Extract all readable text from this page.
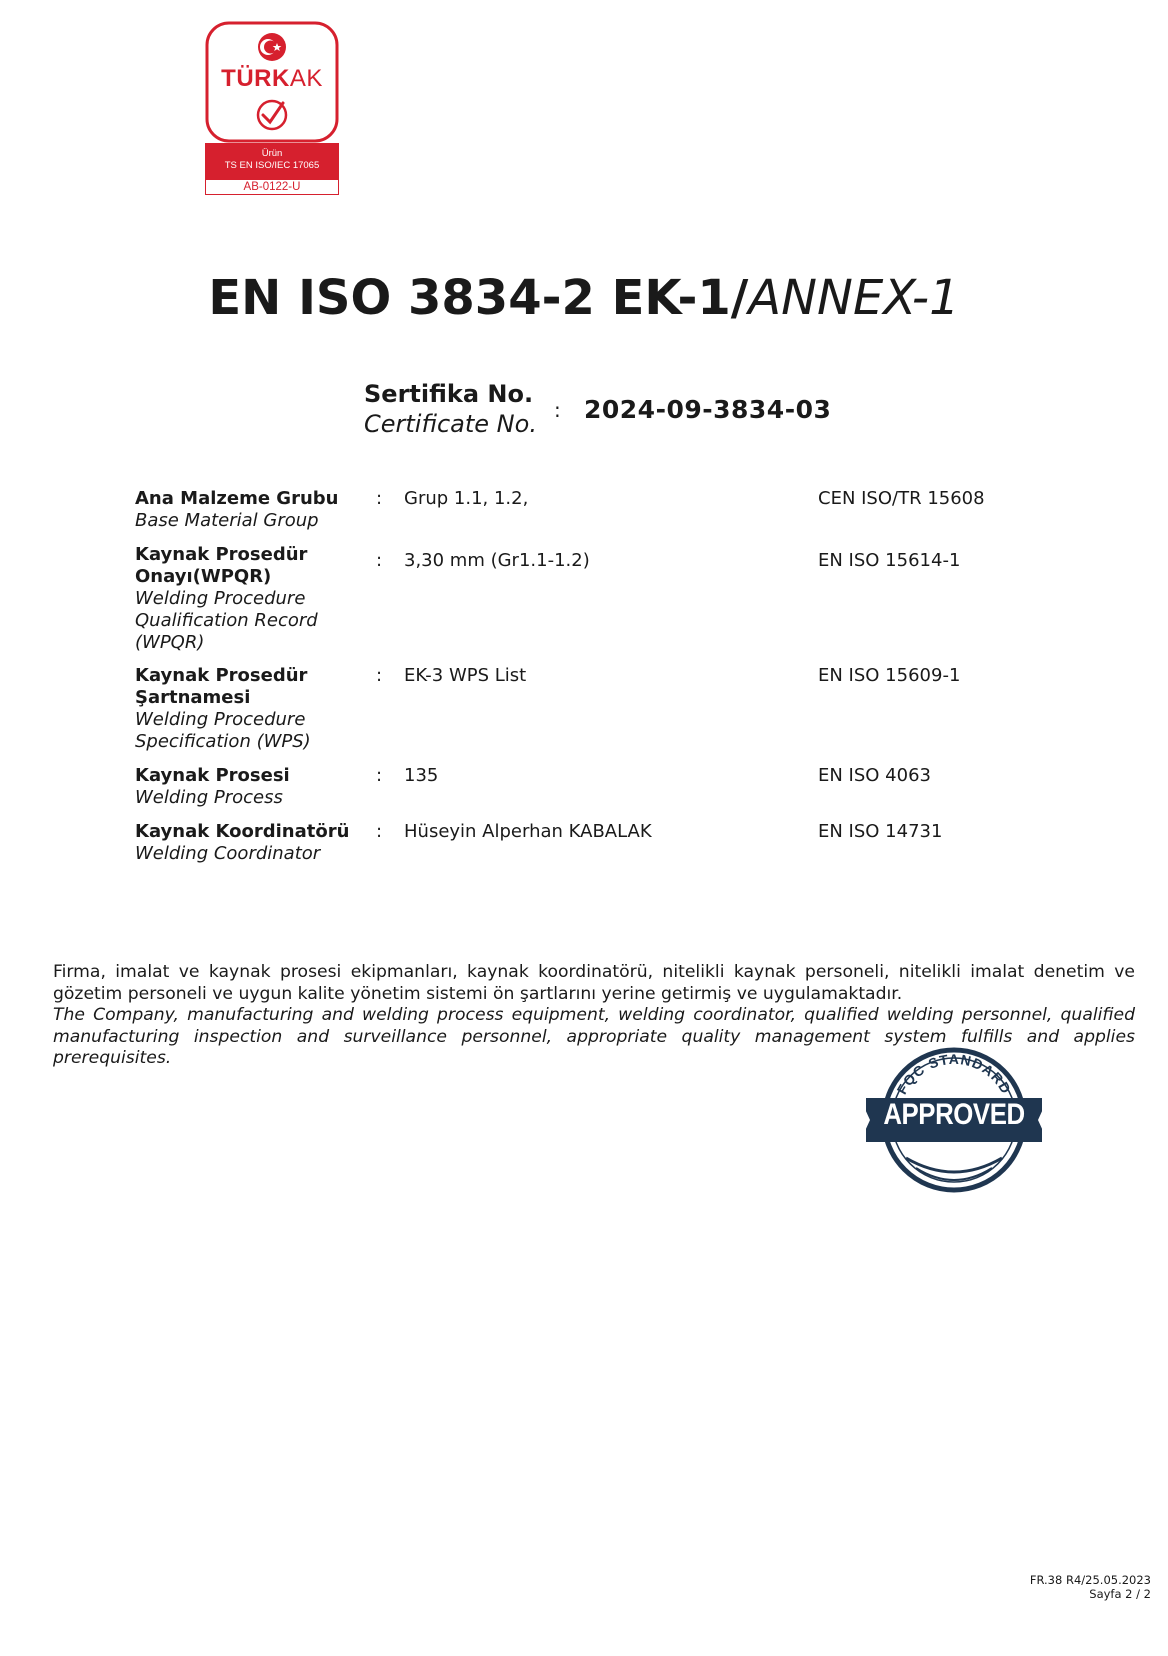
TÜRKAK
Ürün
TS EN ISO/IEC 17065
AB-0122-U
EN ISO 3834-2 EK-1/ANNEX-1
Sertifika No.
Certificate No. : 2024-09-3834-03
Ana Malzeme Grubu
Base Material Group
: Grup 1.1, 1.2,	CEN ISO/TR 15608
Kaynak Prosedür
Onayı(WPQR)
Welding Procedure
Qualification Record
(WPQR)
: 3,30 mm (Gr1.1-1.2)	EN ISO 15614-1
Kaynak Prosedür
Şartnamesi
Welding Procedure
Specification (WPS)
: EK-3 WPS List	EN ISO 15609-1
Kaynak Prosesi
Welding Process
: 135	EN ISO 4063
Kaynak Koordinatörü
Welding Coordinator
: Hüseyin Alperhan KABALAK	EN ISO 14731
Firma, imalat ve kaynak prosesi ekipmanları, kaynak koordinatörü, nitelikli kaynak personeli, nitelikli imalat denetim ve gözetim personeli ve uygun kalite yönetim sistemi ön şartlarını yerine getirmiş ve uygulamaktadır.
The Company, manufacturing and welding process equipment, welding coordinator, qualified welding personnel, qualified manufacturing inspection and surveillance personnel, appropriate quality management system fulfills and applies prerequisites.
FQC STANDARD
APPROVED
FR.38 R4/25.05.2023
Sayfa 2 / 2
